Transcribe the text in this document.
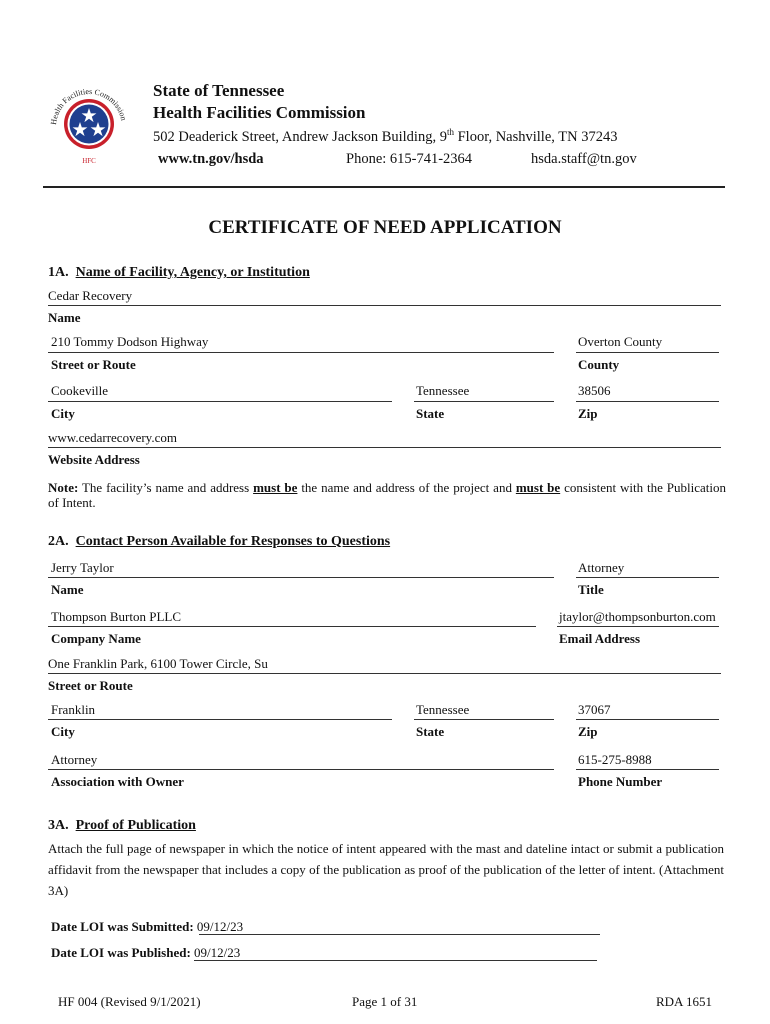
Health Facilities Commission
HFC
State of Tennessee
Health Facilities Commission
502 Deaderick Street, Andrew Jackson Building, 9th Floor, Nashville, TN 37243
www.tn.gov/hsda	Phone: 615-741-2364	hsda.staff@tn.gov
CERTIFICATE OF NEED APPLICATION
1A. Name of Facility, Agency, or Institution
Cedar Recovery
Name
210 Tommy Dodson Highway
Street or Route
Overton County
County
Cookeville
City
Tennessee
State
38506
Zip
www.cedarrecovery.com
Website Address
Note: The facility’s name and address must be the name and address of the project and must be consistent with the Publication of Intent.
2A. Contact Person Available for Responses to Questions
Jerry Taylor
Name
Attorney
Title
Thompson Burton PLLC
Company Name
jtaylor@thompsonburton.com
Email Address
One Franklin Park, 6100 Tower Circle, Su
Street or Route
Franklin
City
Tennessee
State
37067
Zip
Attorney
Association with Owner
615-275-8988
Phone Number
3A. Proof of Publication
Attach the full page of newspaper in which the notice of intent appeared with the mast and dateline intact or submit a publication affidavit from the newspaper that includes a copy of the publication as proof of the publication of the letter of intent. (Attachment 3A)
Date LOI was Submitted: 09/12/23
Date LOI was Published: 09/12/23
HF 004 (Revised 9/1/2021)	Page 1 of 31	RDA 1651
